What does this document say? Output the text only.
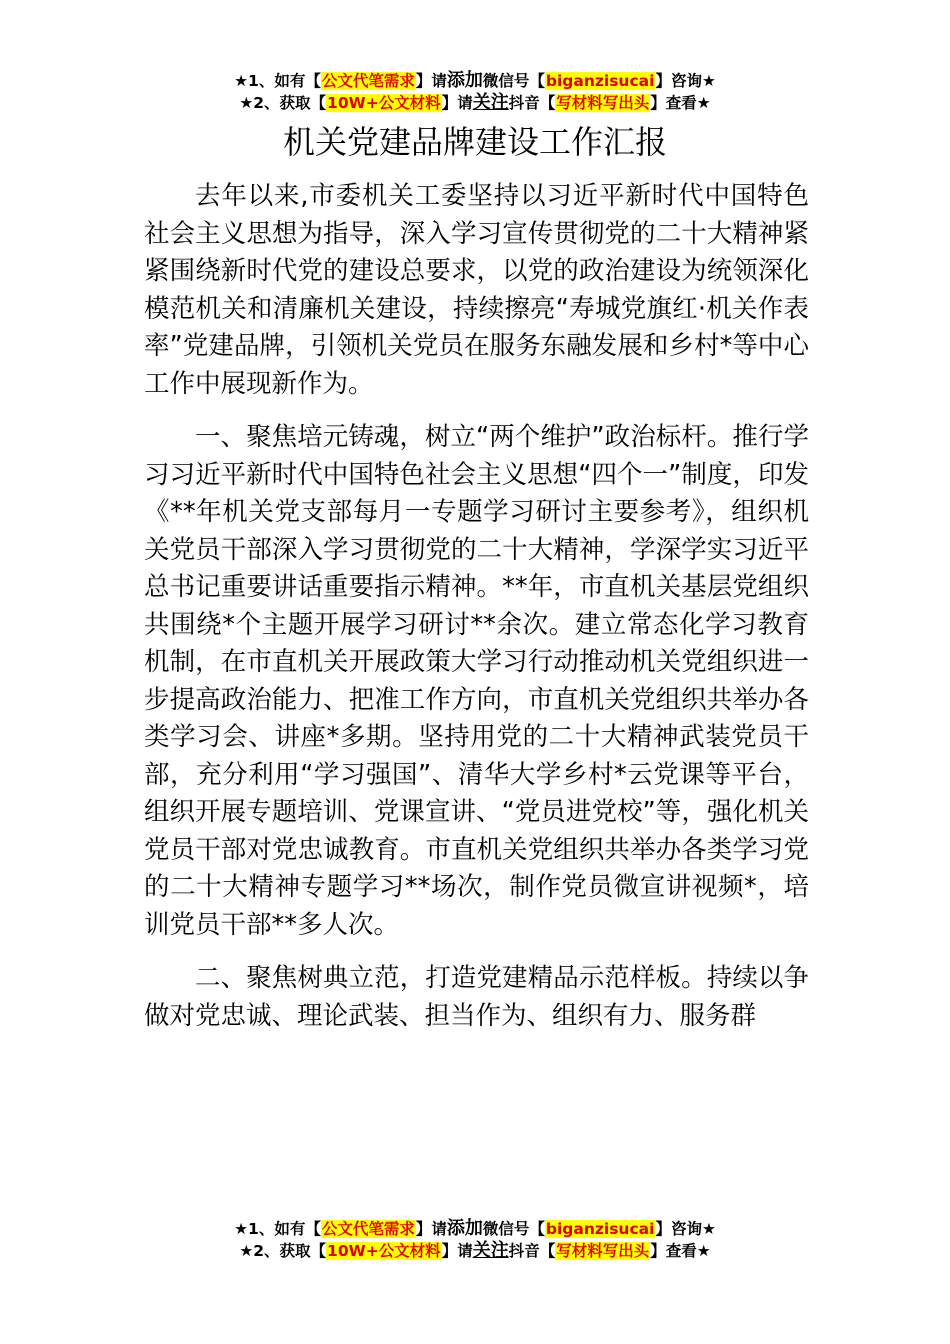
★1、如有【公文代笔需求】请添加微信号【biganzisucai】咨询★
★2、获取【10W+公文材料】请关注抖音【写材料写出头】查看★
机关党建品牌建设工作汇报

去年以来,市委机关工委坚持以习近平新时代中国特色社会主义思想为指导，深入学习宣传贯彻党的二十大精神紧紧围绕新时代党的建设总要求，以党的政治建设为统领深化模范机关和清廉机关建设，持续擦亮“寿城党旗红·机关作表率”党建品牌，引领机关党员在服务东融发展和乡村*等中心工作中展现新作为。

一、聚焦培元铸魂，树立“两个维护”政治标杆。推行学习习近平新时代中国特色社会主义思想“四个一”制度，印发《**年机关党支部每月一专题学习研讨主要参考》，组织机关党员干部深入学习贯彻党的二十大精神，学深学实习近平总书记重要讲话重要指示精神。**年，市直机关基层党组织共围绕*个主题开展学习研讨**余次。建立常态化学习教育机制，在市直机关开展政策大学习行动推动机关党组织进一步提高政治能力、把准工作方向，市直机关党组织共举办各类学习会、讲座*多期。坚持用党的二十大精神武装党员干部，充分利用“学习强国”、清华大学乡村*云党课等平台，组织开展专题培训、党课宣讲、“党员进党校”等，强化机关党员干部对党忠诚教育。市直机关党组织共举办各类学习党的二十大精神专题学习**场次，制作党员微宣讲视频*，培训党员干部**多人次。

二、聚焦树典立范，打造党建精品示范样板。持续以争做对党忠诚、理论武装、担当作为、组织有力、服务群

★1、如有【公文代笔需求】请添加微信号【biganzisucai】咨询★
★2、获取【10W+公文材料】请关注抖音【写材料写出头】查看★
